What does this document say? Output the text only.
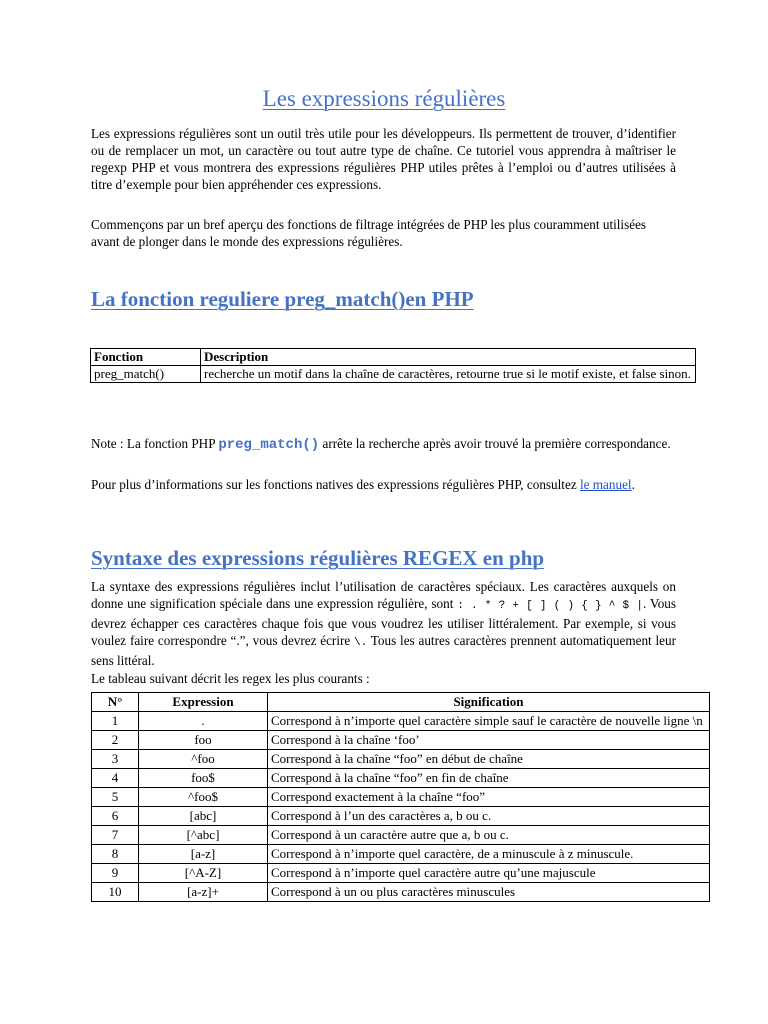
Les expressions régulières

Les expressions régulières sont un outil très utile pour les développeurs. Ils permettent de trouver, d’identifier ou de remplacer un mot, un caractère ou tout autre type de chaîne. Ce tutoriel vous apprendra à maîtriser le regexp PHP et vous montrera des expressions régulières PHP utiles prêtes à l’emploi ou d’autres utilisées à titre d’exemple pour bien appréhender ces expressions.

Commençons par un bref aperçu des fonctions de filtrage intégrées de PHP les plus couramment utilisées avant de plonger dans le monde des expressions régulières.

La fonction reguliere preg_match()en PHP
Fonction	Description
preg_match()	recherche un motif dans la chaîne de caractères, retourne true si le motif existe, et false sinon.

Note : La fonction PHP preg_match() arrête la recherche après avoir trouvé la première correspondance.

Pour plus d’informations sur les fonctions natives des expressions régulières PHP, consultez le manuel.

Syntaxe des expressions régulières REGEX en php

La syntaxe des expressions régulières inclut l’utilisation de caractères spéciaux. Les caractères auxquels on donne une signification spéciale dans une expression régulière, sont : . * ? + [ ] ( ) { } ^ $ |. Vous devrez échapper ces caractères chaque fois que vous voudrez les utiliser littéralement. Par exemple, si vous voulez faire correspondre “.”, vous devrez écrire \. Tous les autres caractères prennent automatiquement leur sens littéral.

Le tableau suivant décrit les regex les plus courants :

N°	Expression	Signification
1	.	Correspond à n’importe quel caractère simple sauf le caractère de nouvelle ligne \n
2	foo	Correspond à la chaîne ‘foo’
3	^foo	Correspond à la chaîne “foo” en début de chaîne
4	foo$	Correspond à la chaîne “foo” en fin de chaîne
5	^foo$	Correspond exactement à la chaîne “foo”
6	[abc]	Correspond à l’un des caractères a, b ou c.
7	[^abc]	Correspond à un caractère autre que a, b ou c.
8	[a-z]	Correspond à n’importe quel caractère, de a minuscule à z minuscule.
9	[^A-Z]	Correspond à n’importe quel caractère autre qu’une majuscule
10	[a-z]+	Correspond à un ou plus caractères minuscules
